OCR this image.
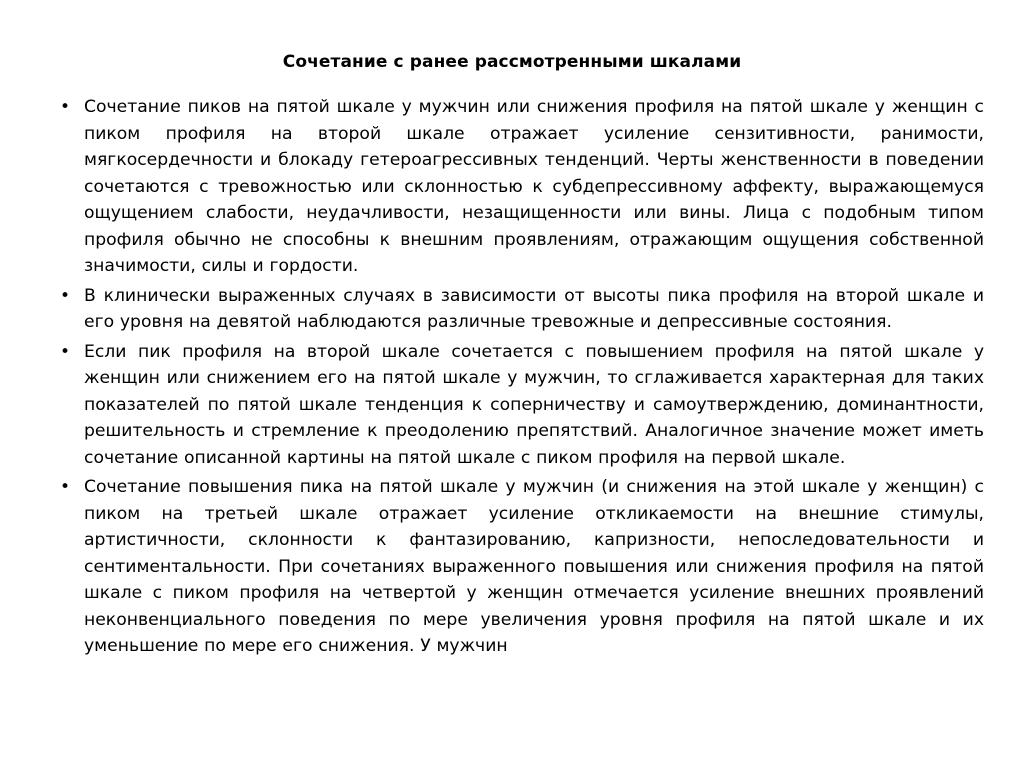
Сочетание с ранее рассмотренными шкалами
• Сочетание пиков на пятой шкале у мужчин или снижения профиля на пятой шкале у женщин с пиком профиля на второй шкале отражает усиление сензитивности, ранимости, мягкосердечности и блокаду гетероагрессивных тенденций. Черты женственности в поведении сочетаются с тревожностью или склонностью к субдепрессивному аффекту, выражающемуся ощущением слабости, неудачливости, незащищенности или вины. Лица с подобным типом профиля обычно не способны к внешним проявлениям, отражающим ощущения собственной значимости, силы и гордости.
• В клинически выраженных случаях в зависимости от высоты пика профиля на второй шкале и его уровня на девятой наблюдаются различные тревожные и депрессивные состояния.
• Если пик профиля на второй шкале сочетается с повышением профиля на пятой шкале у женщин или снижением его на пятой шкале у мужчин, то сглаживается характерная для таких показателей по пятой шкале тенденция к соперничеству и самоутверждению, доминантности, решительность и стремление к преодолению препятствий. Аналогичное значение может иметь сочетание описанной картины на пятой шкале с пиком профиля на первой шкале.
• Сочетание повышения пика на пятой шкале у мужчин (и снижения на этой шкале у женщин) с пиком на третьей шкале отражает усиление откликаемости на внешние стимулы, артистичности, склонности к фантазированию, капризности, непоследовательности и сентиментальности. При сочетаниях выраженного повышения или снижения профиля на пятой шкале с пиком профиля на четвертой у женщин отмечается усиление внешних проявлений неконвенциального поведения по мере увеличения уровня профиля на пятой шкале и их уменьшение по мере его снижения. У мужчин
